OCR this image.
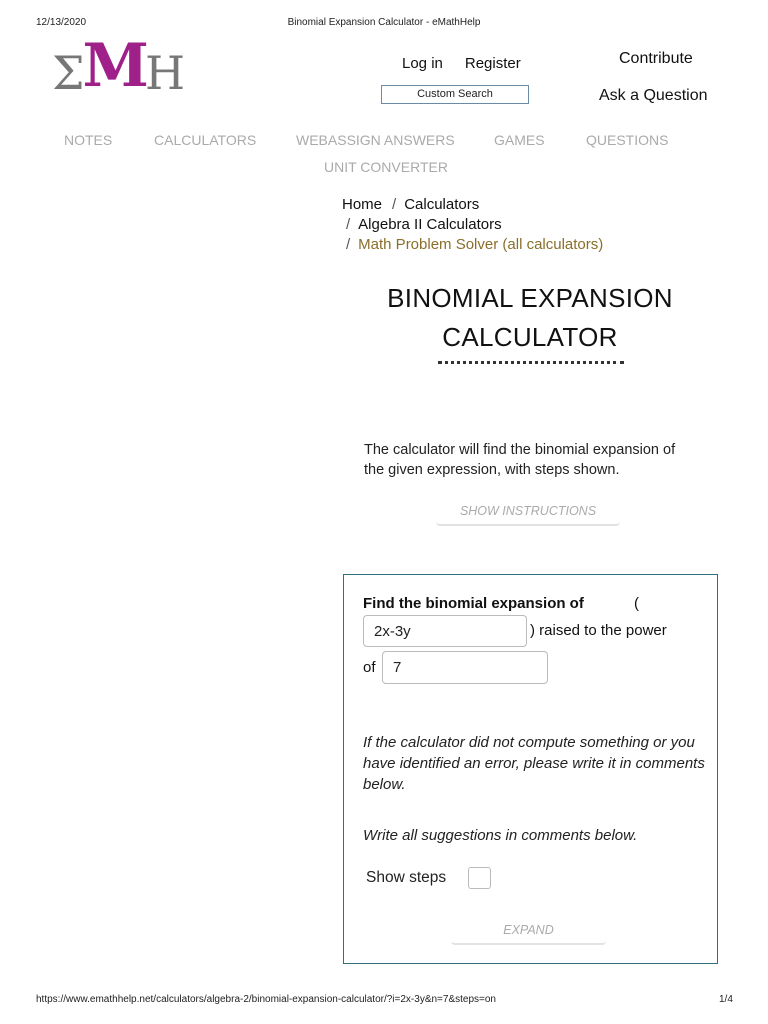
12/13/2020	Binomial Expansion Calculator - eMathHelp
Σ
M
H	Log in Register
Custom Search
Contribute
Ask a Question
NOTES	CALCULATORS	WEBASSIGN ANSWERS	GAMES	QUESTIONS
UNIT CONVERTER
Home / Calculators
/ Algebra II Calculators
/ Math Problem Solver (all calculators)
BINOMIAL EXPANSION
CALCULATOR

The calculator will find the binomial expansion of the given expression, with steps shown.

SHOW INSTRUCTIONS
Find the binomial expansion of	(
2x-3y
) raised to the power
of
7

If the calculator did not compute something or you have identified an error, please write it in comments below.

Write all suggestions in comments below.

Show steps
EXPAND
https://www.emathhelp.net/calculators/algebra-2/binomial-expansion-calculator/?i=2x-3y&n=7&steps=on	1/4
